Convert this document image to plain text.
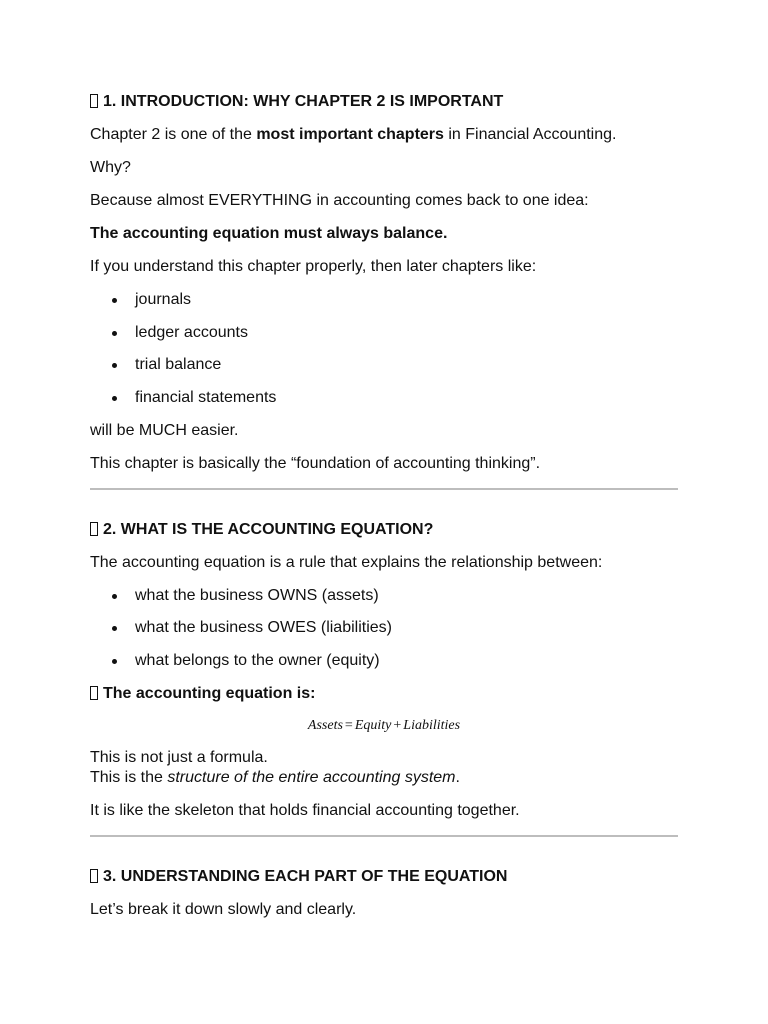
1. INTRODUCTION: WHY CHAPTER 2 IS IMPORTANT

Chapter 2 is one of the most important chapters in Financial Accounting.

Why?

Because almost EVERYTHING in accounting comes back to one idea:

The accounting equation must always balance.

If you understand this chapter properly, then later chapters like:

journals
ledger accounts
trial balance
financial statements

will be MUCH easier.

This chapter is basically the “foundation of accounting thinking”.

2. WHAT IS THE ACCOUNTING EQUATION?

The accounting equation is a rule that explains the relationship between:

what the business OWNS (assets)
what the business OWES (liabilities)
what belongs to the owner (equity)
The accounting equation is:
Assets = Equity + Liabilities

This is not just a formula.

This is the structure of the entire accounting system.

It is like the skeleton that holds financial accounting together.

3. UNDERSTANDING EACH PART OF THE EQUATION

Let’s break it down slowly and clearly.
